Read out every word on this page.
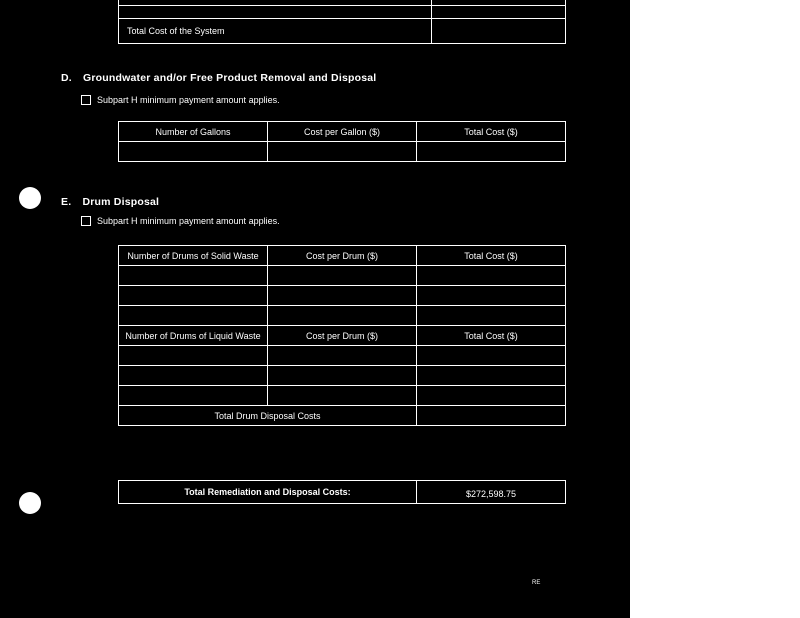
Total Cost of the System	
D. Groundwater and/or Free Product Removal and Disposal
Subpart H minimum payment amount applies.
Number of Gallons	Cost per Gallon ($)	Total Cost ($)

E. Drum Disposal
Subpart H minimum payment amount applies.
Number of Drums of Solid Waste	Cost per Drum ($)	Total Cost ($)

Number of Drums of Liquid Waste	Cost per Drum ($)	Total Cost ($)

Total Drum Disposal Costs		
Total Remediation and Disposal Costs:	$272,598.75
RE
